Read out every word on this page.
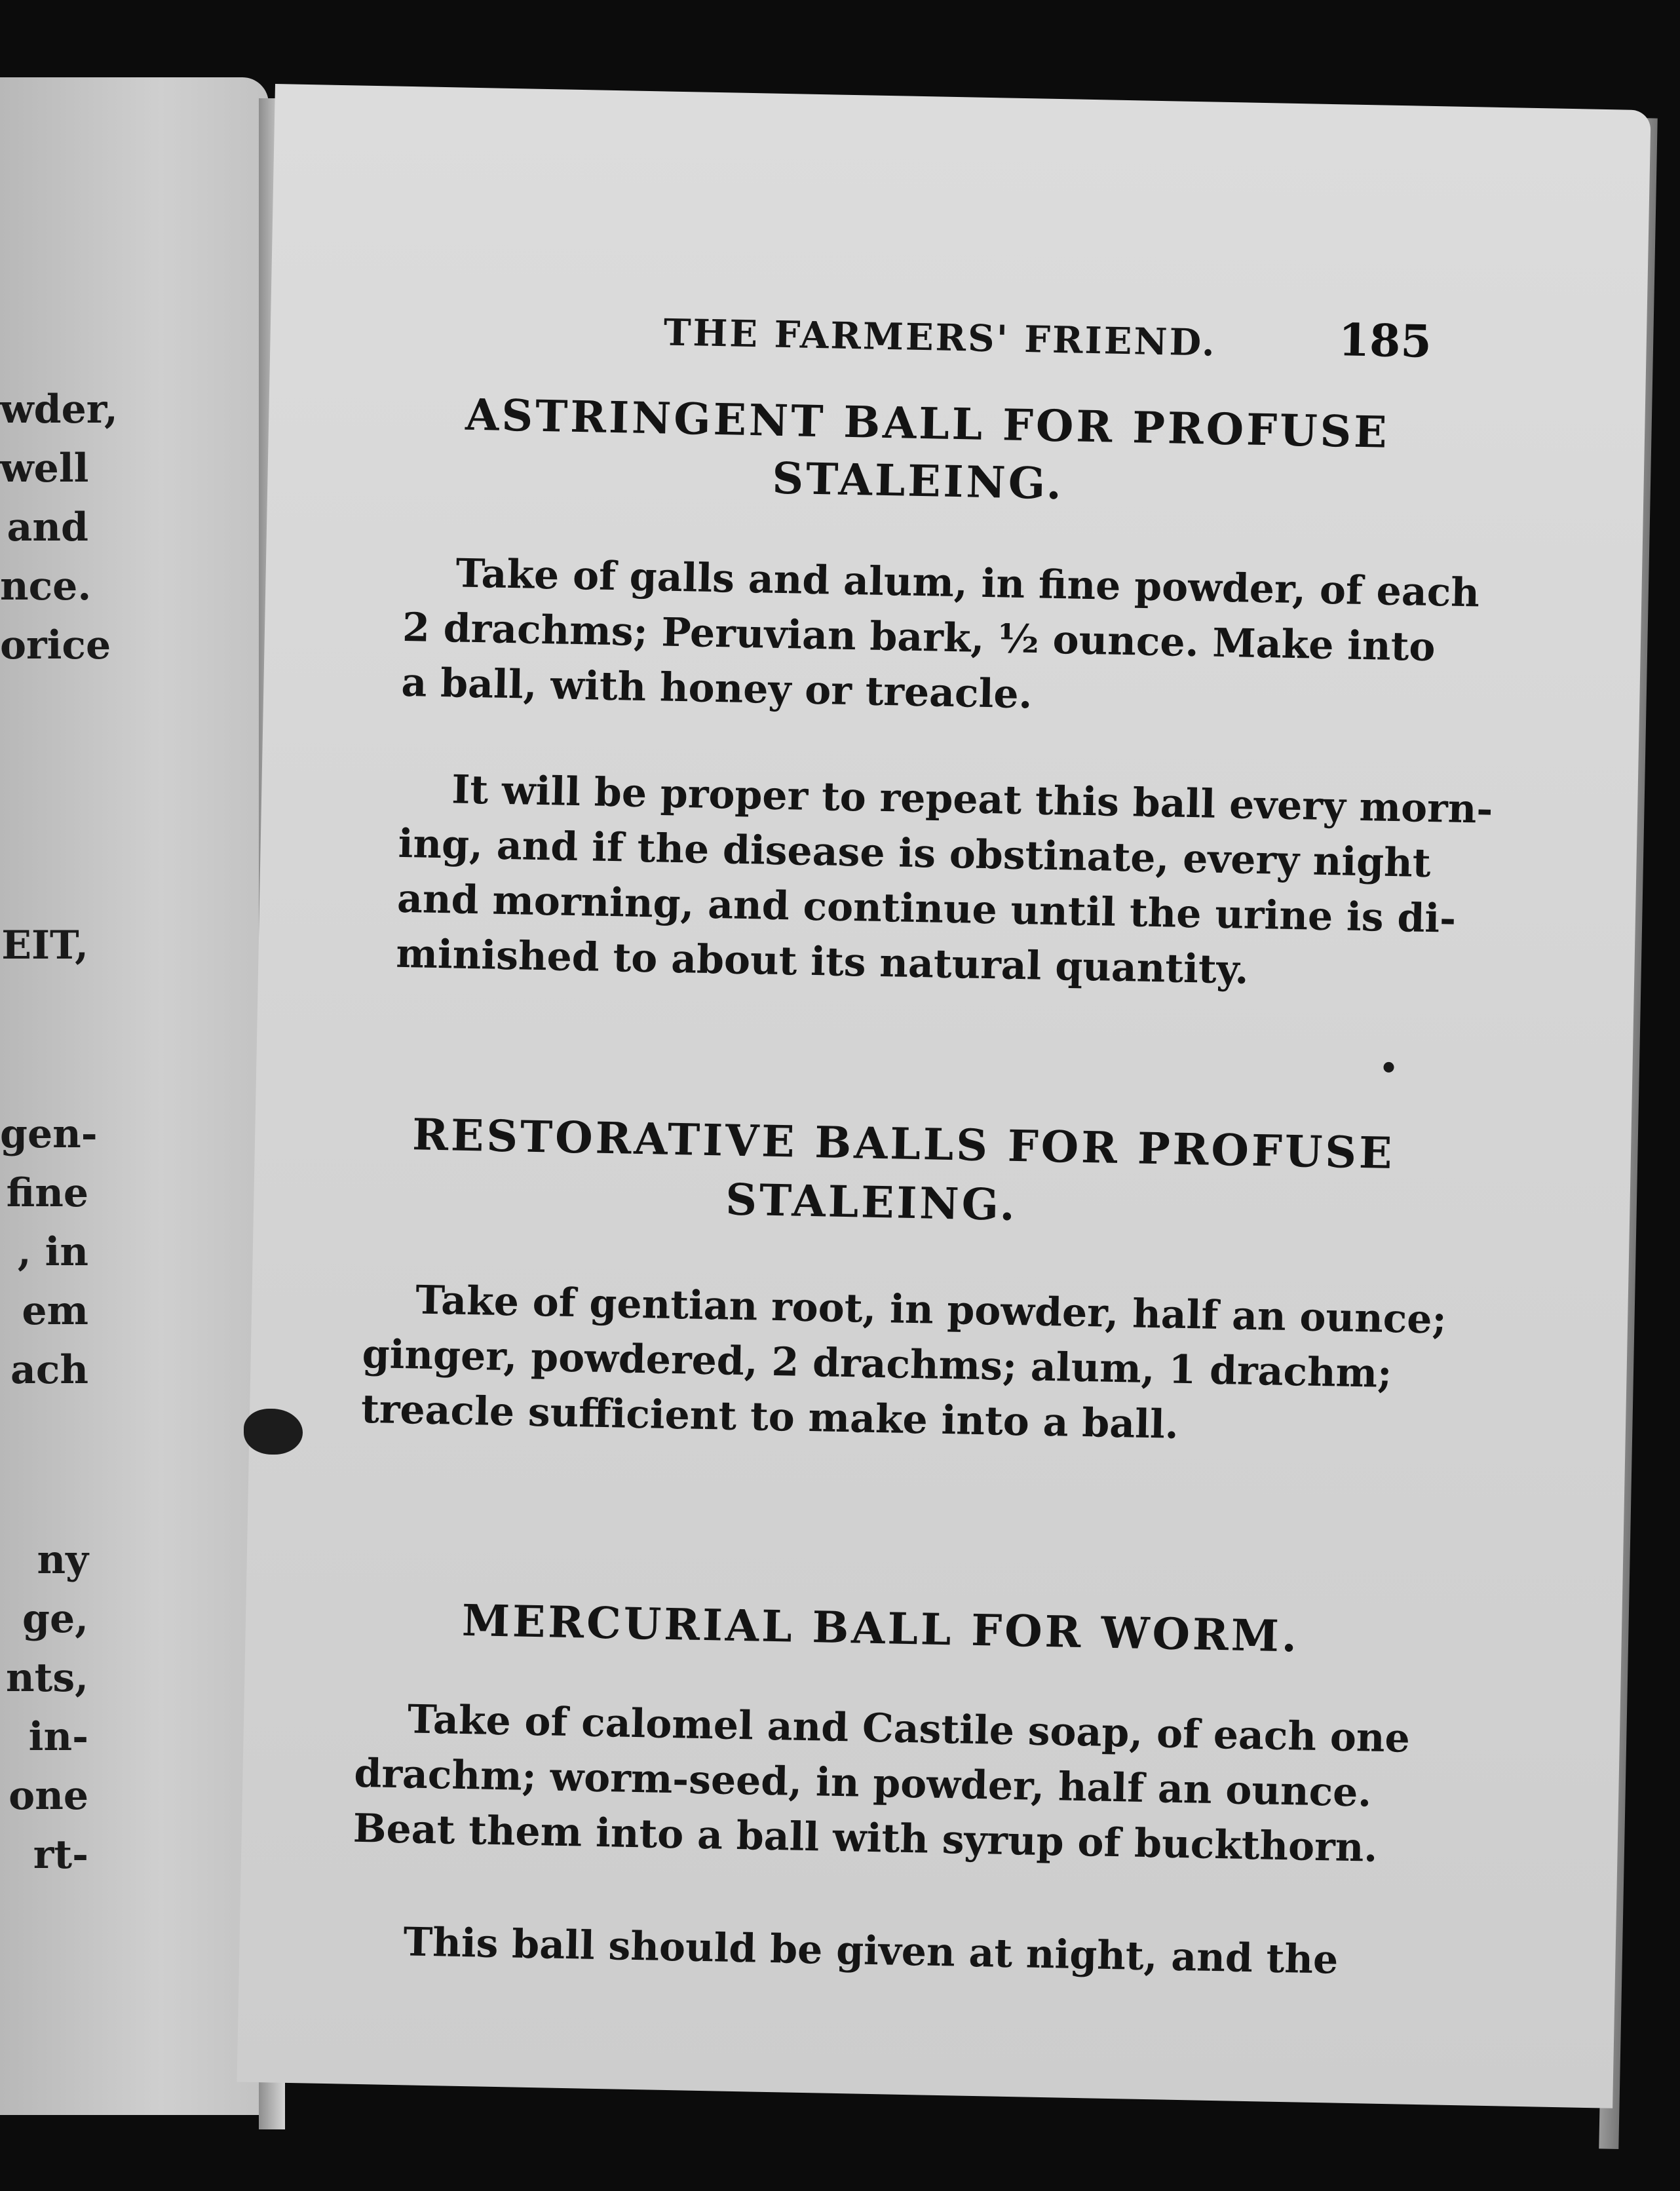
wder,
well
and
nce.
orice
EIT,
gen-
fine
, in
em
ach
ny
ge,
nts,
in-
one
rt-
THE FARMERS' FRIEND.	185
ASTRINGENT BALL FOR PROFUSE
STALEING.
Take of galls and alum, in fine powder, of each
2 drachms; Peruvian bark, ½ ounce. Make into
a ball, with honey or treacle.
It will be proper to repeat this ball every morn-
ing, and if the disease is obstinate, every night
and morning, and continue until the urine is di-
minished to about its natural quantity.
RESTORATIVE BALLS FOR PROFUSE
STALEING.
Take of gentian root, in powder, half an ounce;
ginger, powdered, 2 drachms; alum, 1 drachm;
treacle sufficient to make into a ball.
MERCURIAL BALL FOR WORM.
Take of calomel and Castile soap, of each one
drachm; worm-seed, in powder, half an ounce.
Beat them into a ball with syrup of buckthorn.
This ball should be given at night, and the
